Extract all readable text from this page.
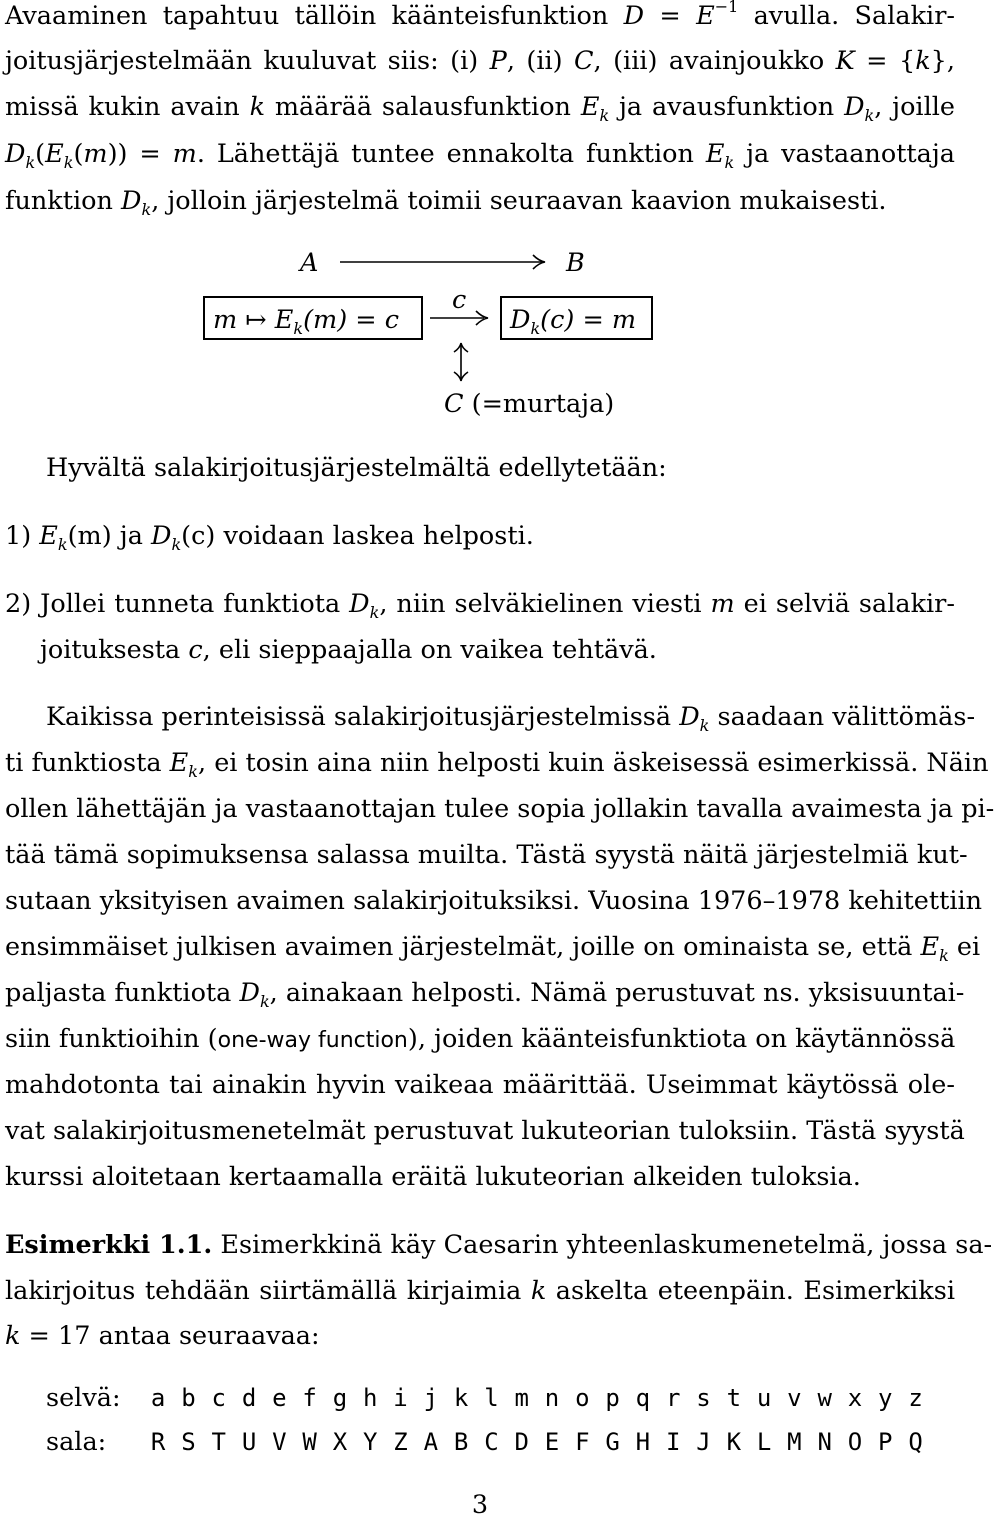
Avaaminen tapahtuu tällöin käänteisfunktion $D = E^{-1}$ avulla. Salakir-
joitusjärjestelmään kuuluvat siis: (i) P, (ii) C, (iii) avainjoukko K = {k},
missä kukin avain k määrää salausfunktion $E_k$ ja avausfunktion $D_k$, joille
$D_k(E_k(m)) = m$. Lähettäjä tuntee ennakolta funktion $E_k$ ja vastaanottaja
funktion $D_k$, jolloin järjestelmä toimii seuraavan kaavion mukaisesti.
A	B
m ↦ $E_k(m) = c$
c
$D_k(c) = m$
C (=murtaja)
Hyvältä salakirjoitusjärjestelmältä edellytetään:
1) $E_k(m)$ ja $D_k(c)$ voidaan laskea helposti.
2) Jollei tunneta funktiota $D_k$, niin selväkielinen viesti m ei selviä salakir-
joituksesta c, eli sieppaajalla on vaikea tehtävä.
Kaikissa perinteisissä salakirjoitusjärjestelmissä $D_k$ saadaan välittömäs-
ti funktiosta $E_k$, ei tosin aina niin helposti kuin äskeisessä esimerkissä. Näin
ollen lähettäjän ja vastaanottajan tulee sopia jollakin tavalla avaimesta ja pi-
tää tämä sopimuksensa salassa muilta. Tästä syystä näitä järjestelmiä kut-
sutaan yksityisen avaimen salakirjoituksiksi. Vuosina 1976–1978 kehitettiin
ensimmäiset julkisen avaimen järjestelmät, joille on ominaista se, että $E_k$ ei
paljasta funktiota $D_k$, ainakaan helposti. Nämä perustuvat ns. yksisuuntai-
siin funktioihin (one-way function), joiden käänteisfunktiota on käytännössä
mahdotonta tai ainakin hyvin vaikeaa määrittää. Useimmat käytössä ole-
vat salakirjoitusmenetelmät perustuvat lukuteorian tuloksiin. Tästä syystä
kurssi aloitetaan kertaamalla eräitä lukuteorian alkeiden tuloksia.
Esimerkki 1.1. Esimerkkinä käy Caesarin yhteenlaskumenetelmä, jossa sa-
lakirjoitus tehdään siirtämällä kirjaimia k askelta eteenpäin. Esimerkiksi
k = 17 antaa seuraavaa:
selvä:	a b c d e f g h i j k l m n o p q r s t u v w x y z
sala:	R S T U V W X Y Z A B C D E F G H I J K L M N O P Q
3
